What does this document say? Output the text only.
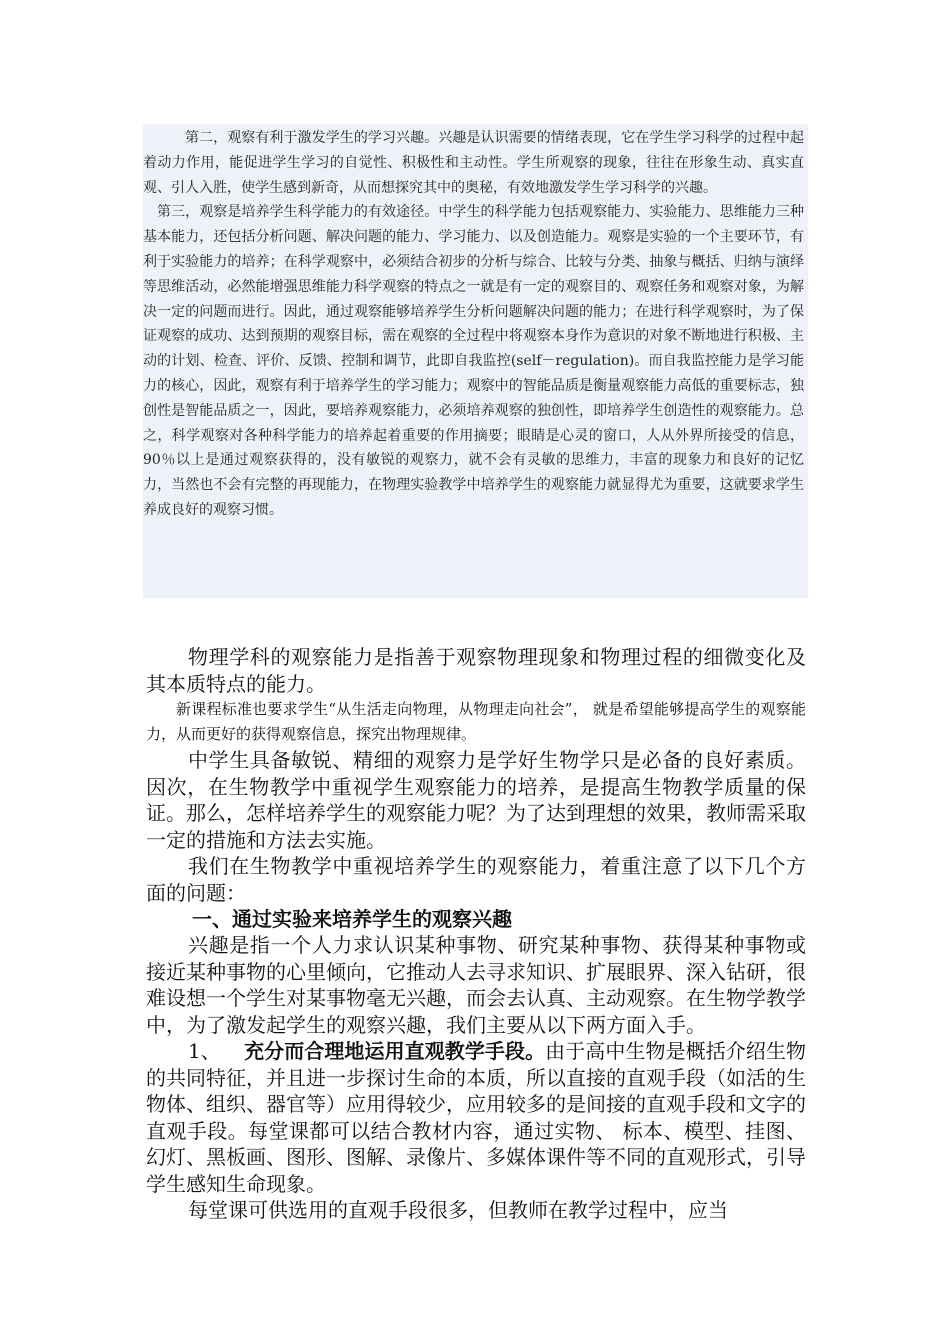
第二，观察有利于激发学生的学习兴趣。兴趣是认识需要的情绪表现，它在学生学习科学的过程中起着动力作用，能促进学生学习的自觉性、积极性和主动性。学生所观察的现象，往往在形象生动、真实直观、引人入胜，使学生感到新奇，从而想探究其中的奥秘，有效地激发学生学习科学的兴趣。

第三，观察是培养学生科学能力的有效途径。中学生的科学能力包括观察能力、实验能力、思维能力三种基本能力，还包括分析问题、解决问题的能力、学习能力、以及创造能力。观察是实验的一个主要环节，有利于实验能力的培养；在科学观察中，必须结合初步的分析与综合、比较与分类、抽象与概括、归纳与演绎等思维活动，必然能增强思维能力科学观察的特点之一就是有一定的观察目的、观察任务和观察对象，为解决一定的问题而进行。因此，通过观察能够培养学生分析问题解决问题的能力；在进行科学观察时，为了保证观察的成功、达到预期的观察目标，需在观察的全过程中将观察本身作为意识的对象不断地进行积极、主动的计划、检查、评价、反馈、控制和调节，此即自我监控(self－regulation)。而自我监控能力是学习能力的核心，因此，观察有利于培养学生的学习能力；观察中的智能品质是衡量观察能力高低的重要标志，独创性是智能品质之一，因此，要培养观察能力，必须培养观察的独创性，即培养学生创造性的观察能力。总之，科学观察对各种科学能力的培养起着重要的作用摘要；眼睛是心灵的窗口，人从外界所接受的信息，90％以上是通过观察获得的，没有敏锐的观察力，就不会有灵敏的思维力，丰富的现象力和良好的记忆力，当然也不会有完整的再现能力，在物理实验教学中培养学生的观察能力就显得尤为重要，这就要求学生养成良好的观察习惯。

物理学科的观察能力是指善于观察物理现象和物理过程的细微变化及其本质特点的能力。

新课程标准也要求学生“从生活走向物理，从物理走向社会”， 就是希望能够提高学生的观察能力，从而更好的获得观察信息，探究出物理规律。

中学生具备敏锐、精细的观察力是学好生物学只是必备的良好素质。因次，在生物教学中重视学生观察能力的培养，是提高生物教学质量的保证。那么，怎样培养学生的观察能力呢？为了达到理想的效果，教师需采取一定的措施和方法去实施。

我们在生物教学中重视培养学生的观察能力，着重注意了以下几个方面的问题：

一、通过实验来培养学生的观察兴趣

兴趣是指一个人力求认识某种事物、研究某种事物、获得某种事物或接近某种事物的心里倾向，它推动人去寻求知识、扩展眼界、深入钻研，很难设想一个学生对某事物毫无兴趣，而会去认真、主动观察。在生物学教学中，为了激发起学生的观察兴趣，我们主要从以下两方面入手。

1、 充分而合理地运用直观教学手段。由于高中生物是概括介绍生物的共同特征，并且进一步探讨生命的本质，所以直接的直观手段（如活的生物体、组织、器官等）应用得较少，应用较多的是间接的直观手段和文字的直观手段。每堂课都可以结合教材内容，通过实物、 标本、模型、挂图、幻灯、黑板画、图形、图解、录像片、多媒体课件等不同的直观形式，引导学生感知生命现象。

每堂课可供选用的直观手段很多，但教师在教学过程中，应当
